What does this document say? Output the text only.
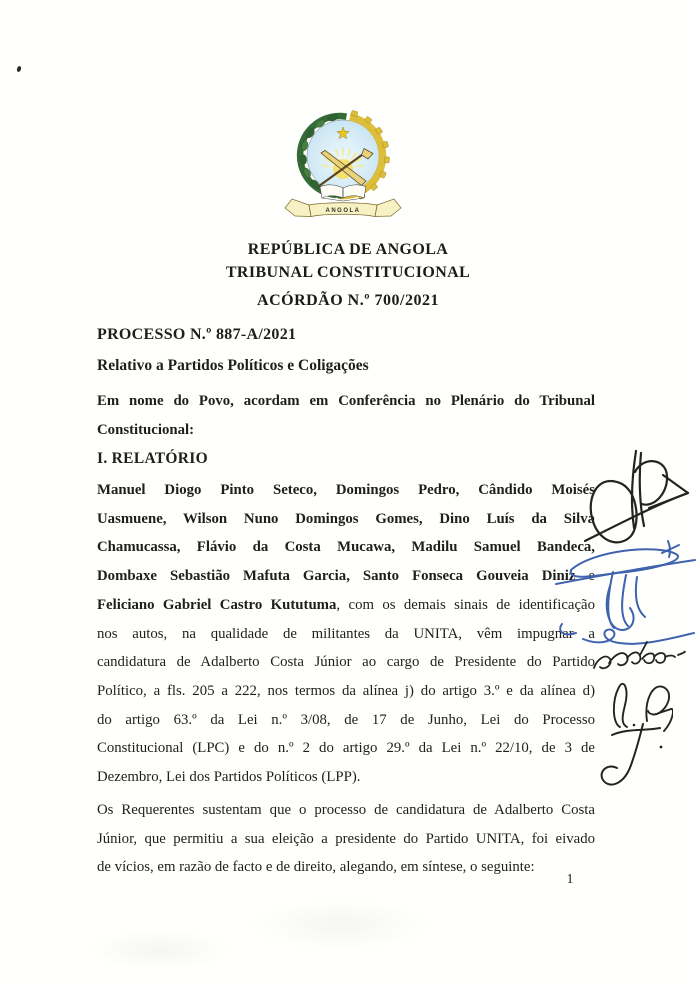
ANGOLA
REPÚBLICA DE ANGOLA
TRIBUNAL CONSTITUCIONAL
ACÓRDÃO N.º 700/2021
PROCESSO N.º 887-A/2021
Relativo a Partidos Políticos e Coligações
Em nome do Povo, acordam em Conferência no Plenário do Tribunal
Constitucional:
I. RELATÓRIO
Manuel Diogo Pinto Seteco, Domingos Pedro, Cândido Moisés
Uasmuene, Wilson Nuno Domingos Gomes, Dino Luís da Silva
Chamucassa, Flávio da Costa Mucawa, Madilu Samuel Bandeca,
Dombaxe Sebastião Mafuta Garcia, Santo Fonseca Gouveia Diniz e
Feliciano Gabriel Castro Kututuma, com os demais sinais de identificação
nos autos, na qualidade de militantes da UNITA, vêm impugnar a
candidatura de Adalberto Costa Júnior ao cargo de Presidente do Partido
Político, a fls. 205 a 222, nos termos da alínea j) do artigo 3.º e da alínea d)
do artigo 63.º da Lei n.º 3/08, de 17 de Junho, Lei do Processo
Constitucional (LPC) e do n.º 2 do artigo 29.º da Lei n.º 22/10, de 3 de
Dezembro, Lei dos Partidos Políticos (LPP).
Os Requerentes sustentam que o processo de candidatura de Adalberto Costa
Júnior, que permitiu a sua eleição a presidente do Partido UNITA, foi eivado
de vícios, em razão de facto e de direito, alegando, em síntese, o seguinte:
1
